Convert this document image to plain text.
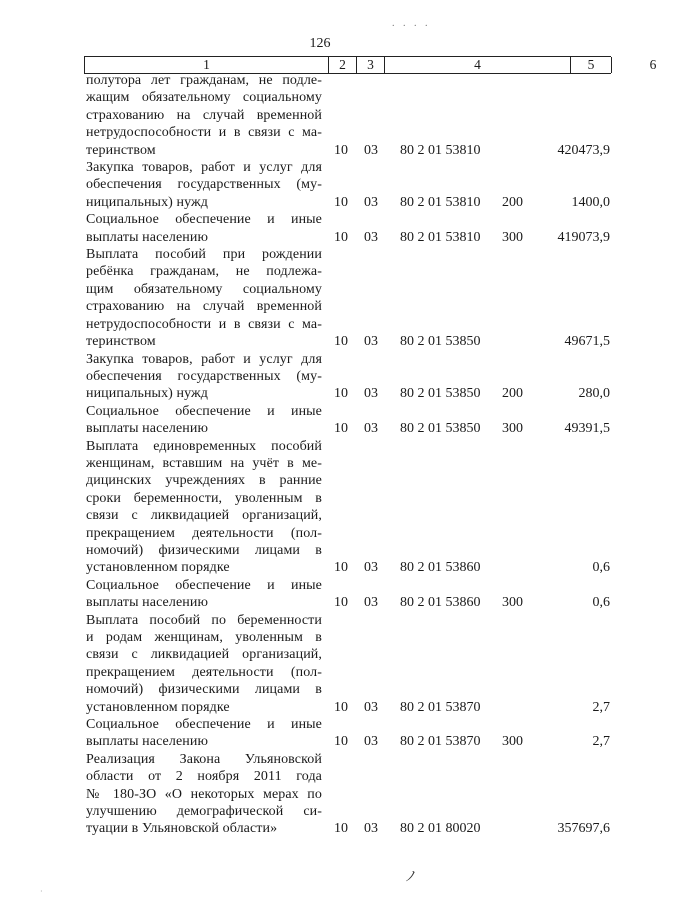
126
1	2	3	4	5	6
. . . .
полутора лет гражданам, не подле-
жащим обязательному социальному
страхованию на случай временной
нетрудоспособности и в связи с ма-
теринством	10 03 80 2 01 53810	420473,9
Закупка товаров, работ и услуг для
обеспечения государственных (му-
ниципальных) нужд	10 03 80 2 01 53810 200	1400,0
Социальное обеспечение и иные
выплаты населению	10 03 80 2 01 53810 300 419073,9
Выплата пособий при рождении
ребёнка гражданам, не подлежа-
щим обязательному социальному
страхованию на случай временной
нетрудоспособности и в связи с ма-
теринством	10 03 80 2 01 53850	49671,5
Закупка товаров, работ и услуг для
обеспечения государственных (му-
ниципальных) нужд	10 03 80 2 01 53850 200	280,0
Социальное обеспечение и иные
выплаты населению	10 03 80 2 01 53850 300	49391,5
Выплата единовременных пособий
женщинам, вставшим на учёт в ме-
дицинских учреждениях в ранние
сроки беременности, уволенным в
связи с ликвидацией организаций,
прекращением деятельности (пол-
номочий) физическими лицами в
установленном порядке	10 03 80 2 01 53860	0,6
Социальное обеспечение и иные
выплаты населению	10 03 80 2 01 53860 300	0,6
Выплата пособий по беременности
и родам женщинам, уволенным в
связи с ликвидацией организаций,
прекращением деятельности (пол-
номочий) физическими лицами в
установленном порядке	10 03 80 2 01 53870	2,7
Социальное обеспечение и иные
выплаты населению	10 03 80 2 01 53870 300	2,7
Реализация Закона Ульяновской
области от 2 ноября 2011 года
№ 180-ЗО «О некоторых мерах по
улучшению демографической си-
туации в Ульяновской области»	10 03 80 2 01 80020	357697,6
ノ
·
